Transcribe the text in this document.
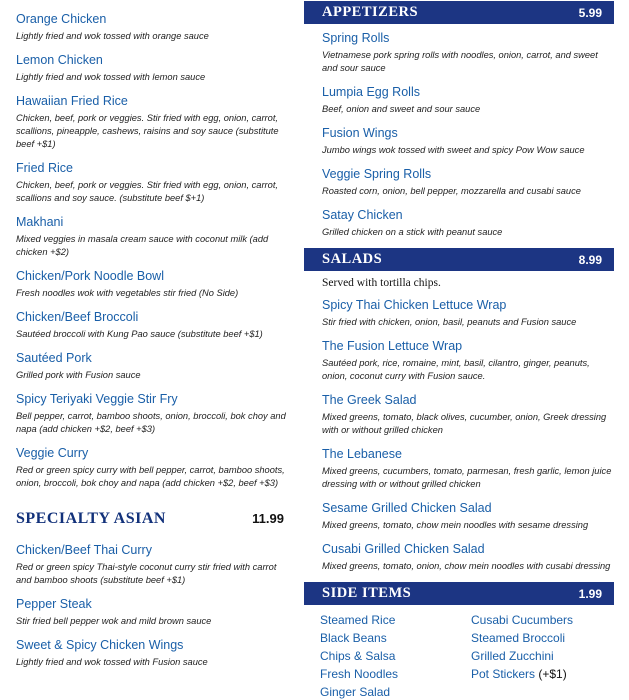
Orange Chicken
Lightly fried and wok tossed with orange sauce
Lemon Chicken
Lightly fried and wok tossed with lemon sauce
Hawaiian Fried Rice
Chicken, beef, pork or veggies. Stir fried with egg, onion, carrot, scallions, pineapple, cashews, raisins and soy sauce (substitute beef +$1)
Fried Rice
Chicken, beef, pork or veggies. Stir fried with egg, onion, carrot, scallions and soy sauce. (substitute beef $+1)
Makhani
Mixed veggies in masala cream sauce with coconut milk (add chicken +$2)
Chicken/Pork Noodle Bowl
Fresh noodles wok with vegetables stir fried (No Side)
Chicken/Beef Broccoli
Sautéed broccoli with Kung Pao sauce (substitute beef +$1)
Sautéed Pork
Grilled pork with Fusion sauce
Spicy Teriyaki Veggie Stir Fry
Bell pepper, carrot, bamboo shoots, onion, broccoli, bok choy and napa (add chicken +$2, beef +$3)
Veggie Curry
Red or green spicy curry with bell pepper, carrot, bamboo shoots, onion, broccoli, bok choy and napa (add chicken +$2, beef +$3)
SPECIALTY ASIAN	11.99
Chicken/Beef Thai Curry
Red or green spicy Thai-style coconut curry stir fried with carrot and bamboo shoots (substitute beef +$1)
Pepper Steak
Stir fried bell pepper wok and mild brown sauce
Sweet & Spicy Chicken Wings
Lightly fried and wok tossed with Fusion sauce
APPETIZERS	5.99
Spring Rolls
Vietnamese pork spring rolls with noodles, onion, carrot, and sweet and sour sauce
Lumpia Egg Rolls
Beef, onion and sweet and sour sauce
Fusion Wings
Jumbo wings wok tossed with sweet and spicy Pow Wow sauce
Veggie Spring Rolls
Roasted corn, onion, bell pepper, mozzarella and cusabi sauce
Satay Chicken
Grilled chicken on a stick with peanut sauce
SALADS	8.99
Served with tortilla chips.
Spicy Thai Chicken Lettuce Wrap
Stir fried with chicken, onion, basil, peanuts and Fusion sauce
The Fusion Lettuce Wrap
Sautéed pork, rice, romaine, mint, basil, cilantro, ginger, peanuts, onion, coconut curry with Fusion sauce.
The Greek Salad
Mixed greens, tomato, black olives, cucumber, onion, Greek dressing with or without grilled chicken
The Lebanese
Mixed greens, cucumbers, tomato, parmesan, fresh garlic, lemon juice dressing with or without grilled chicken
Sesame Grilled Chicken Salad
Mixed greens, tomato, chow mein noodles with sesame dressing
Cusabi Grilled Chicken Salad
Mixed greens, tomato, onion, chow mein noodles with cusabi dressing
SIDE ITEMS	1.99
Steamed Rice	Cusabi Cucumbers
Black Beans	Steamed Broccoli
Chips & Salsa	Grilled Zucchini
Fresh Noodles	Pot Stickers (+$1)
Ginger Salad
